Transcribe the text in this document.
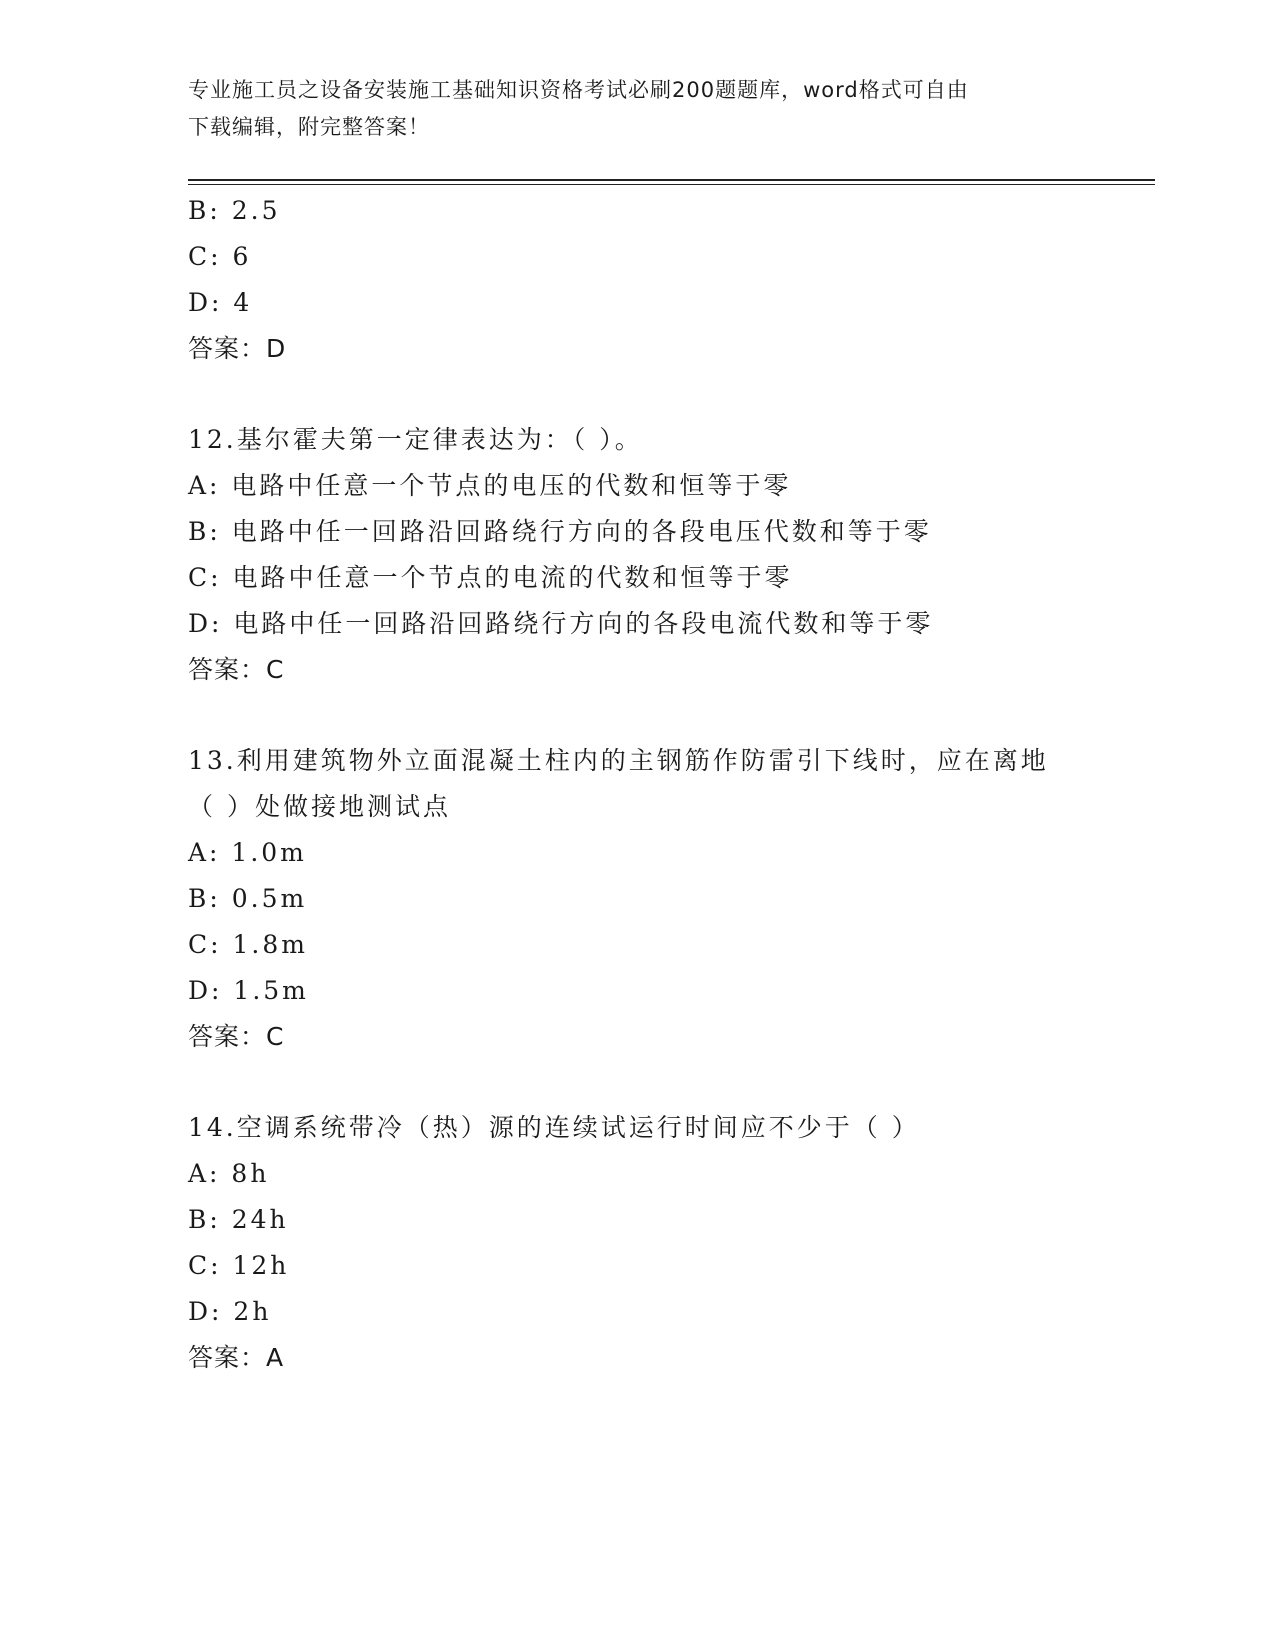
专业施工员之设备安装施工基础知识资格考试必刷200题题库，word格式可自由
下载编辑，附完整答案！
B: 2.5
C: 6
D: 4
答案：D
12.基尔霍夫第一定律表达为：（ ）。
A: 电路中任意一个节点的电压的代数和恒等于零
B: 电路中任一回路沿回路绕行方向的各段电压代数和等于零
C: 电路中任意一个节点的电流的代数和恒等于零
D: 电路中任一回路沿回路绕行方向的各段电流代数和等于零
答案：C
13.利用建筑物外立面混凝土柱内的主钢筋作防雷引下线时，应在离地
（ ）处做接地测试点
A: 1.0m
B: 0.5m
C: 1.8m
D: 1.5m
答案：C
14.空调系统带冷（热）源的连续试运行时间应不少于（ ）
A: 8h
B: 24h
C: 12h
D: 2h
答案：A
